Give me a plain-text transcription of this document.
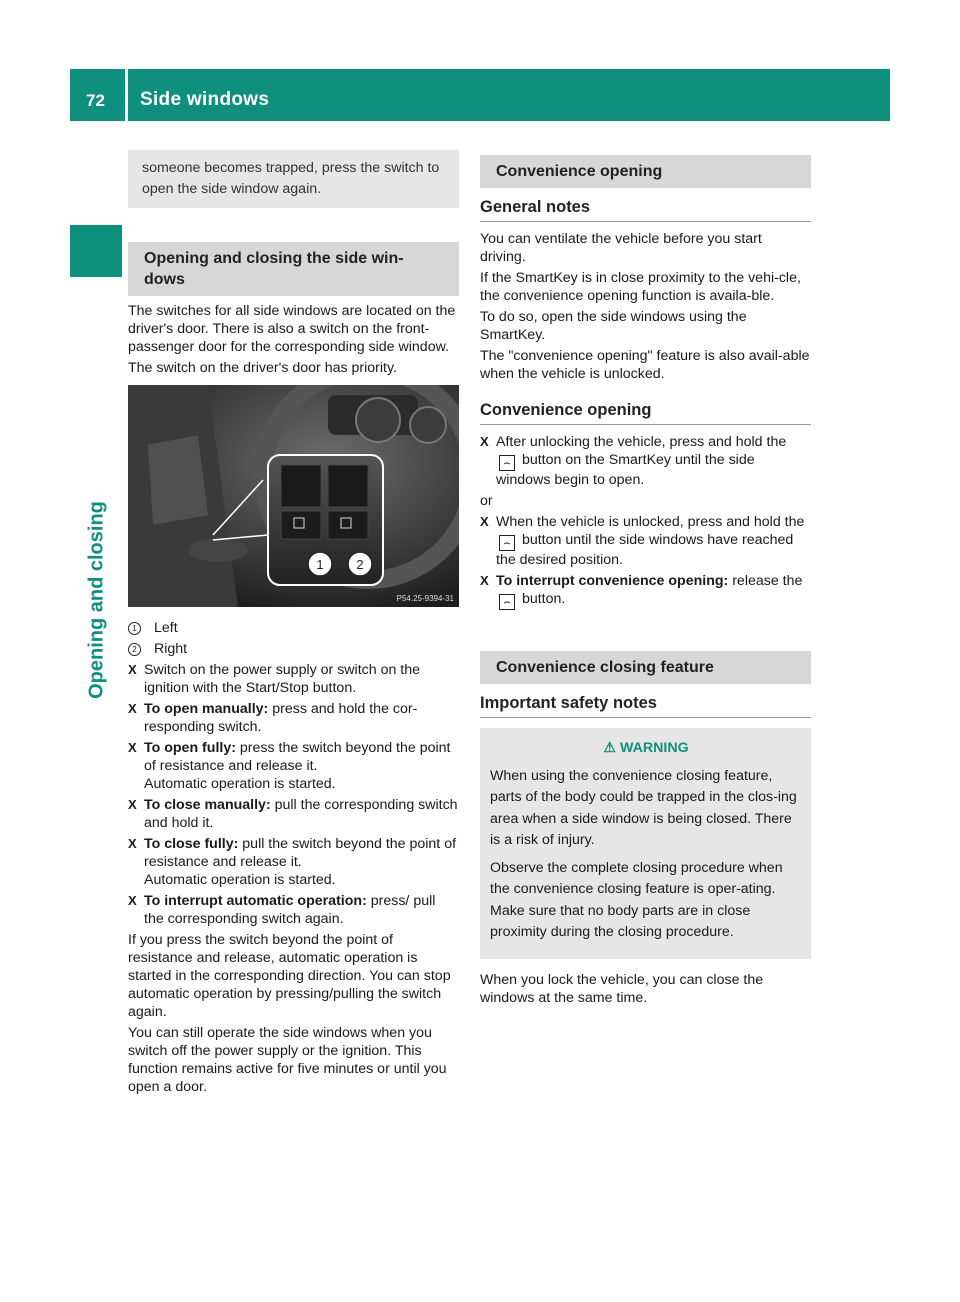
72 Side windows
Opening and closing
someone becomes trapped, press the switch to open the side window again.
Opening and closing the side win-dows

The switches for all side windows are located on the driver's door. There is also a switch on the front-passenger door for the corresponding side window.

The switch on the driver's door has priority.

1	2
P54.25-9394-31
1	Left
2	Right
X Switch on the power supply or switch on the ignition with the Start/Stop button.
X To open manually: press and hold the cor-responding switch.
X To open fully: press the switch beyond the point of resistance and release it.
Automatic operation is started.
X To close manually: pull the corresponding switch and hold it.
X To close fully: pull the switch beyond the point of resistance and release it.
Automatic operation is started.
X To interrupt automatic operation: press/ pull the corresponding switch again.

If you press the switch beyond the point of resistance and release, automatic operation is started in the corresponding direction. You can stop automatic operation by pressing/pulling the switch again.

You can still operate the side windows when you switch off the power supply or the ignition. This function remains active for five minutes or until you open a door.

Convenience opening
General notes

You can ventilate the vehicle before you start driving.

If the SmartKey is in close proximity to the vehi-cle, the convenience opening function is availa-ble.

To do so, open the side windows using the SmartKey.

The "convenience opening" feature is also avail-able when the vehicle is unlocked.

Convenience opening
X After unlocking the vehicle, press and hold the ⌢ button on the SmartKey until the side windows begin to open.

or

X When the vehicle is unlocked, press and hold the ⌢ button until the side windows have reached the desired position.
X To interrupt convenience opening: release the ⌢ button.
Convenience closing feature
Important safety notes
⚠ WARNING

When using the convenience closing feature, parts of the body could be trapped in the clos-ing area when a side window is being closed. There is a risk of injury.

Observe the complete closing procedure when the convenience closing feature is oper-ating. Make sure that no body parts are in close proximity during the closing procedure.

When you lock the vehicle, you can close the windows at the same time.
